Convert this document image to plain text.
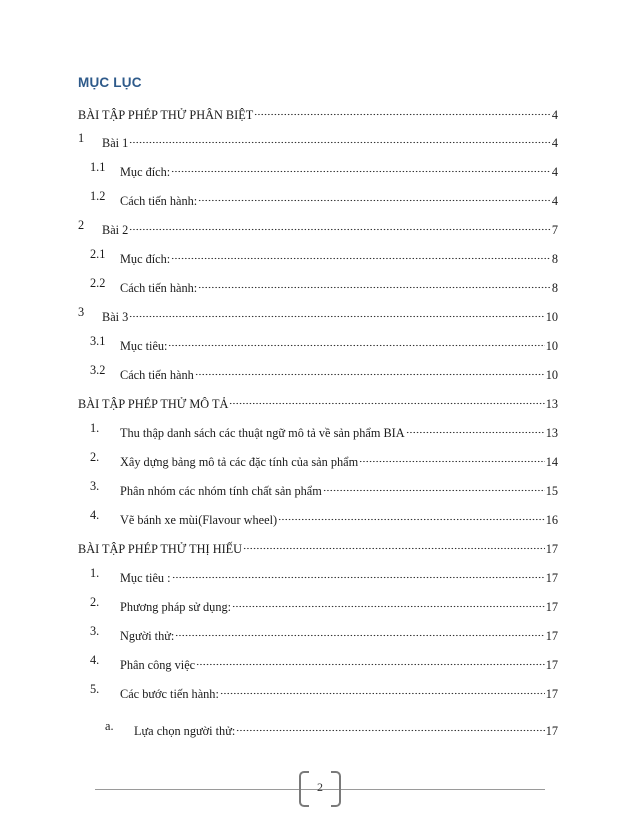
MỤC LỤC
BÀI TẬP PHÉP THỬ PHÂN BIỆT	4
1 Bài 1	4
1.1 Mục đích:	4
1.2 Cách tiến hành:	4
2 Bài 2	7
2.1 Mục đích:	8
2.2 Cách tiến hành:	8
3 Bài 3	10
3.1 Mục tiêu:	10
3.2 Cách tiến hành	10
BÀI TẬP PHÉP THỬ MÔ TẢ	13
1. Thu thập danh sách các thuật ngữ mô tả về sản phẩm BIA	13
2. Xây dựng bảng mô tả các đặc tính của sản phẩm	14
3. Phân nhóm các nhóm tính chất sản phẩm	15
4. Vẽ bánh xe mùi(Flavour wheel)	16
BÀI TẬP PHÉP THỬ THỊ HIẾU	17
1. Mục tiêu :	17
2. Phương pháp sử dụng:	17
3. Người thử:	17
4. Phân công việc	17
5. Các bước tiến hành:	17
a. Lựa chọn người thử:	17
2
